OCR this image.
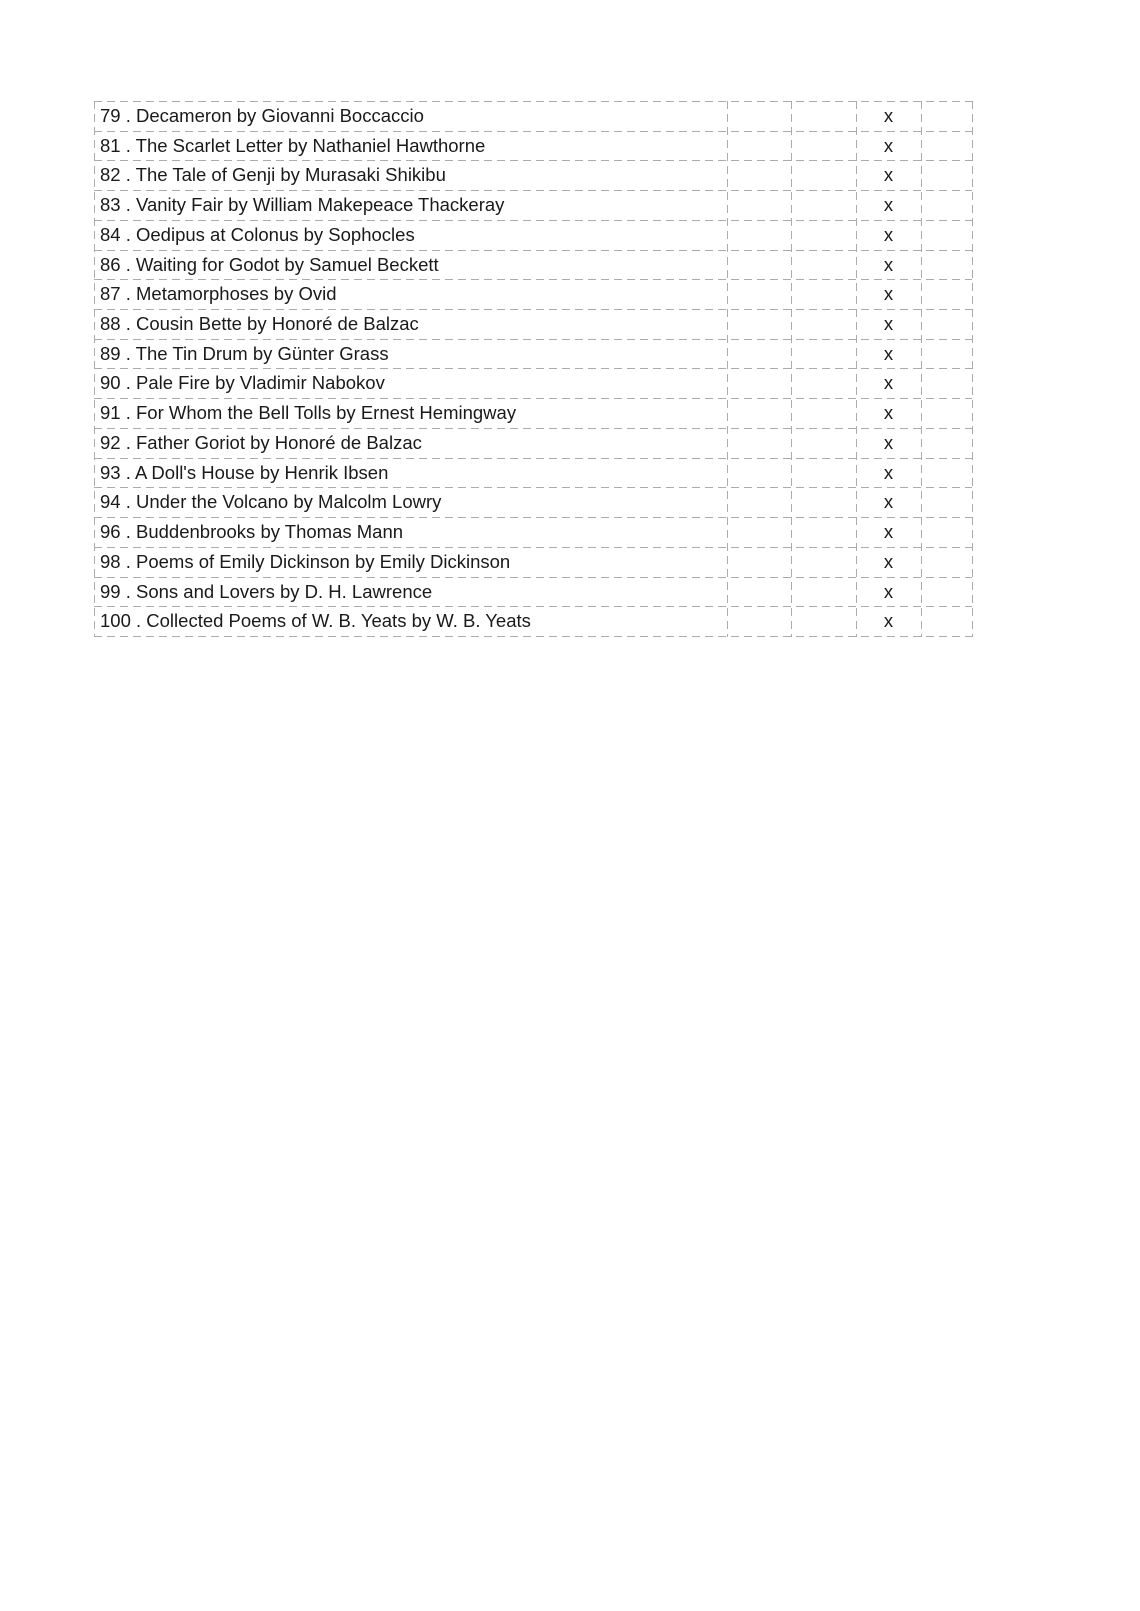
79 . Decameron by Giovanni Boccaccio	x
81 . The Scarlet Letter by Nathaniel Hawthorne	x
82 . The Tale of Genji by Murasaki Shikibu	x
83 . Vanity Fair by William Makepeace Thackeray	x
84 . Oedipus at Colonus by Sophocles	x
86 . Waiting for Godot by Samuel Beckett	x
87 . Metamorphoses by Ovid	x
88 . Cousin Bette by Honoré de Balzac	x
89 . The Tin Drum by Günter Grass	x
90 . Pale Fire by Vladimir Nabokov	x
91 . For Whom the Bell Tolls by Ernest Hemingway	x
92 . Father Goriot by Honoré de Balzac	x
93 . A Doll's House by Henrik Ibsen	x
94 . Under the Volcano by Malcolm Lowry	x
96 . Buddenbrooks by Thomas Mann	x
98 . Poems of Emily Dickinson by Emily Dickinson	x
99 . Sons and Lovers by D. H. Lawrence	x
100 . Collected Poems of W. B. Yeats by W. B. Yeats	x
